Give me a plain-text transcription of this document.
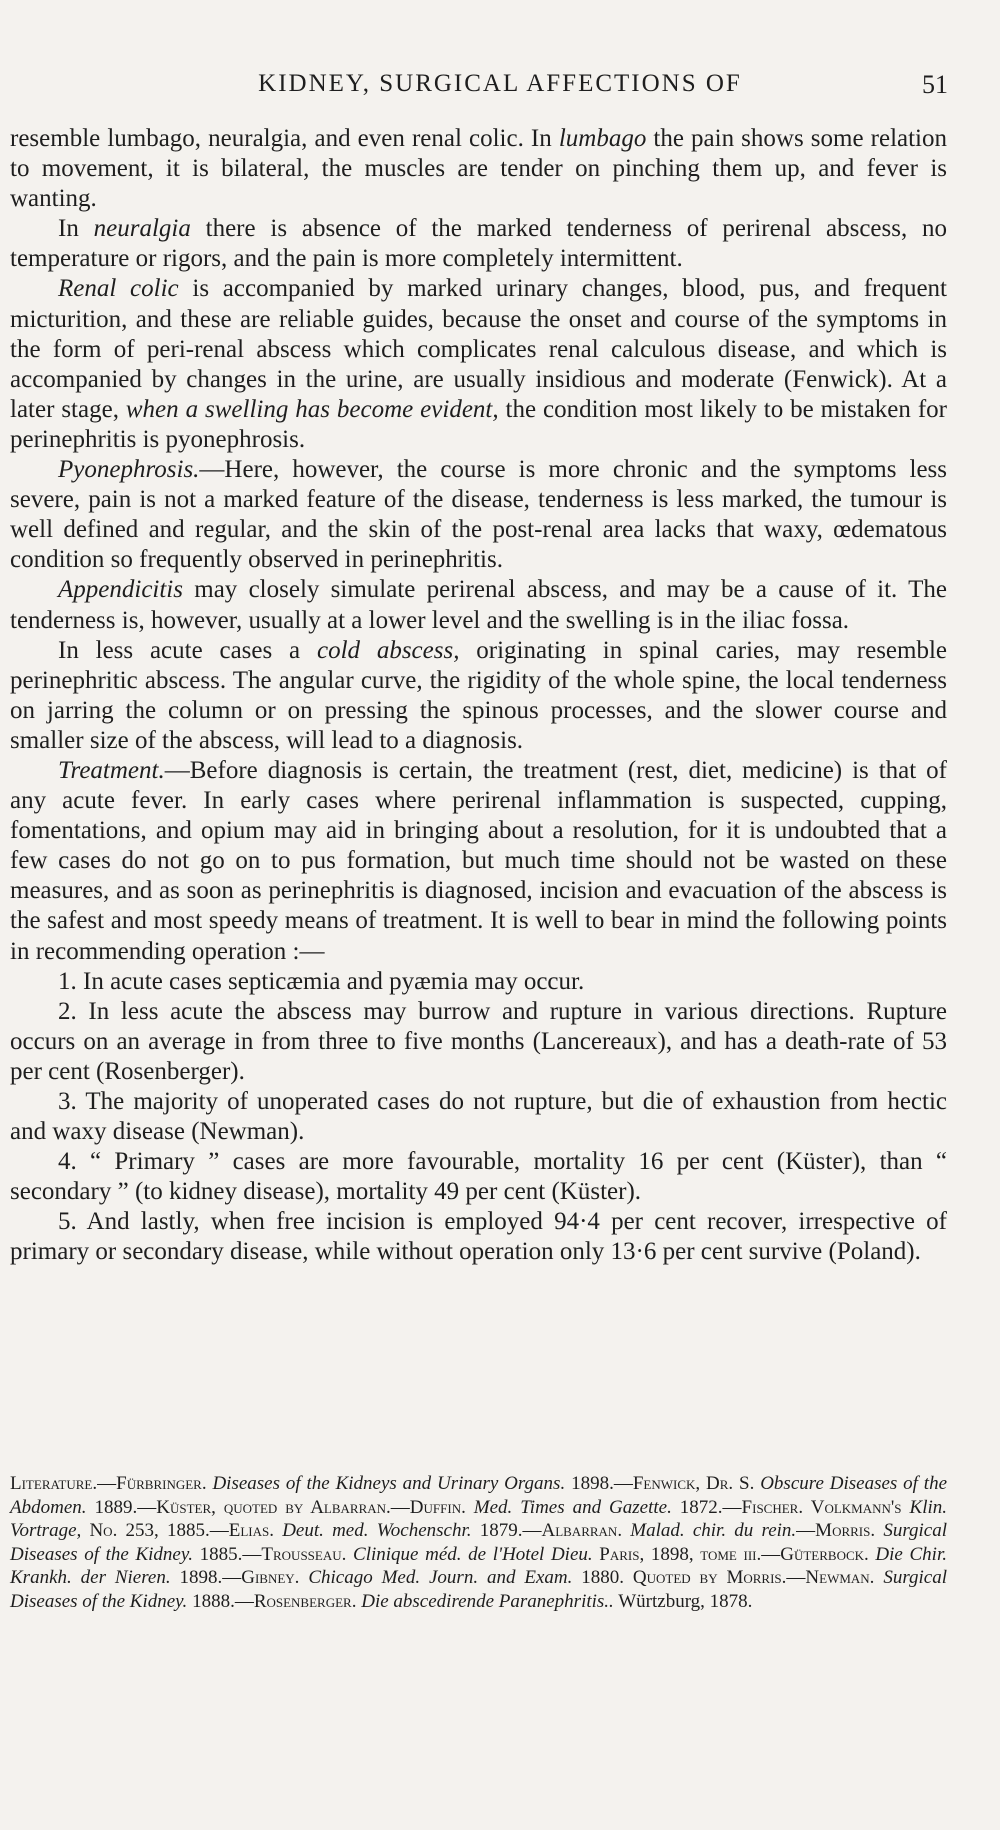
KIDNEY, SURGICAL AFFECTIONS OF	51

resemble lumbago, neuralgia, and even renal colic. In lumbago the pain shows some relation to movement, it is bilateral, the muscles are tender on pinching them up, and fever is wanting.

In neuralgia there is absence of the marked tenderness of perirenal abscess, no temperature or rigors, and the pain is more completely intermittent.

Renal colic is accompanied by marked urinary changes, blood, pus, and frequent micturition, and these are reliable guides, because the onset and course of the symptoms in the form of peri-renal abscess which complicates renal calculous disease, and which is accompanied by changes in the urine, are usually insidious and moderate (Fenwick). At a later stage, when a swelling has become evident, the condition most likely to be mistaken for perinephritis is pyonephrosis.

Pyonephrosis.—Here, however, the course is more chronic and the symptoms less severe, pain is not a marked feature of the disease, tenderness is less marked, the tumour is well defined and regular, and the skin of the post-renal area lacks that waxy, œdematous condition so frequently observed in perinephritis.

Appendicitis may closely simulate perirenal abscess, and may be a cause of it. The tenderness is, however, usually at a lower level and the swelling is in the iliac fossa.

In less acute cases a cold abscess, originating in spinal caries, may resemble perinephritic abscess. The angular curve, the rigidity of the whole spine, the local tenderness on jarring the column or on pressing the spinous processes, and the slower course and smaller size of the abscess, will lead to a diagnosis.

Treatment.—Before diagnosis is certain, the treatment (rest, diet, medicine) is that of any acute fever. In early cases where perirenal inflammation is suspected, cupping, fomentations, and opium may aid in bringing about a resolution, for it is undoubted that a few cases do not go on to pus formation, but much time should not be wasted on these measures, and as soon as perinephritis is diagnosed, incision and evacuation of the abscess is the safest and most speedy means of treatment. It is well to bear in mind the following points in recommending operation :—

1. In acute cases septicæmia and pyæmia may occur.

2. In less acute the abscess may burrow and rupture in various directions. Rupture occurs on an average in from three to five months (Lancereaux), and has a death-rate of 53 per cent (Rosenberger).

3. The majority of unoperated cases do not rupture, but die of exhaustion from hectic and waxy disease (Newman).

4. “ Primary ” cases are more favourable, mortality 16 per cent (Küster), than “ secondary ” (to kidney disease), mortality 49 per cent (Küster).

5. And lastly, when free incision is employed 94·4 per cent recover, irrespective of primary or secondary disease, while without operation only 13·6 per cent survive (Poland).

Literature.—Fürbringer. Diseases of the Kidneys and Urinary Organs. 1898.—Fenwick, Dr. S. Obscure Diseases of the Abdomen. 1889.—Küster, quoted by Albarran.—Duffin. Med. Times and Gazette. 1872.—Fischer. Volkmann's Klin. Vortrage, No. 253, 1885.—Elias. Deut. med. Wochenschr. 1879.—Albarran. Malad. chir. du rein.—Morris. Surgical Diseases of the Kidney. 1885.—Trousseau. Clinique méd. de l'Hotel Dieu. Paris, 1898, tome iii.—Güterbock. Die Chir. Krankh. der Nieren. 1898.—Gibney. Chicago Med. Journ. and Exam. 1880. Quoted by Morris.—Newman. Surgical Diseases of the Kidney. 1888.—Rosenberger. Die abscedirende Paranephritis.. Würtzburg, 1878.
